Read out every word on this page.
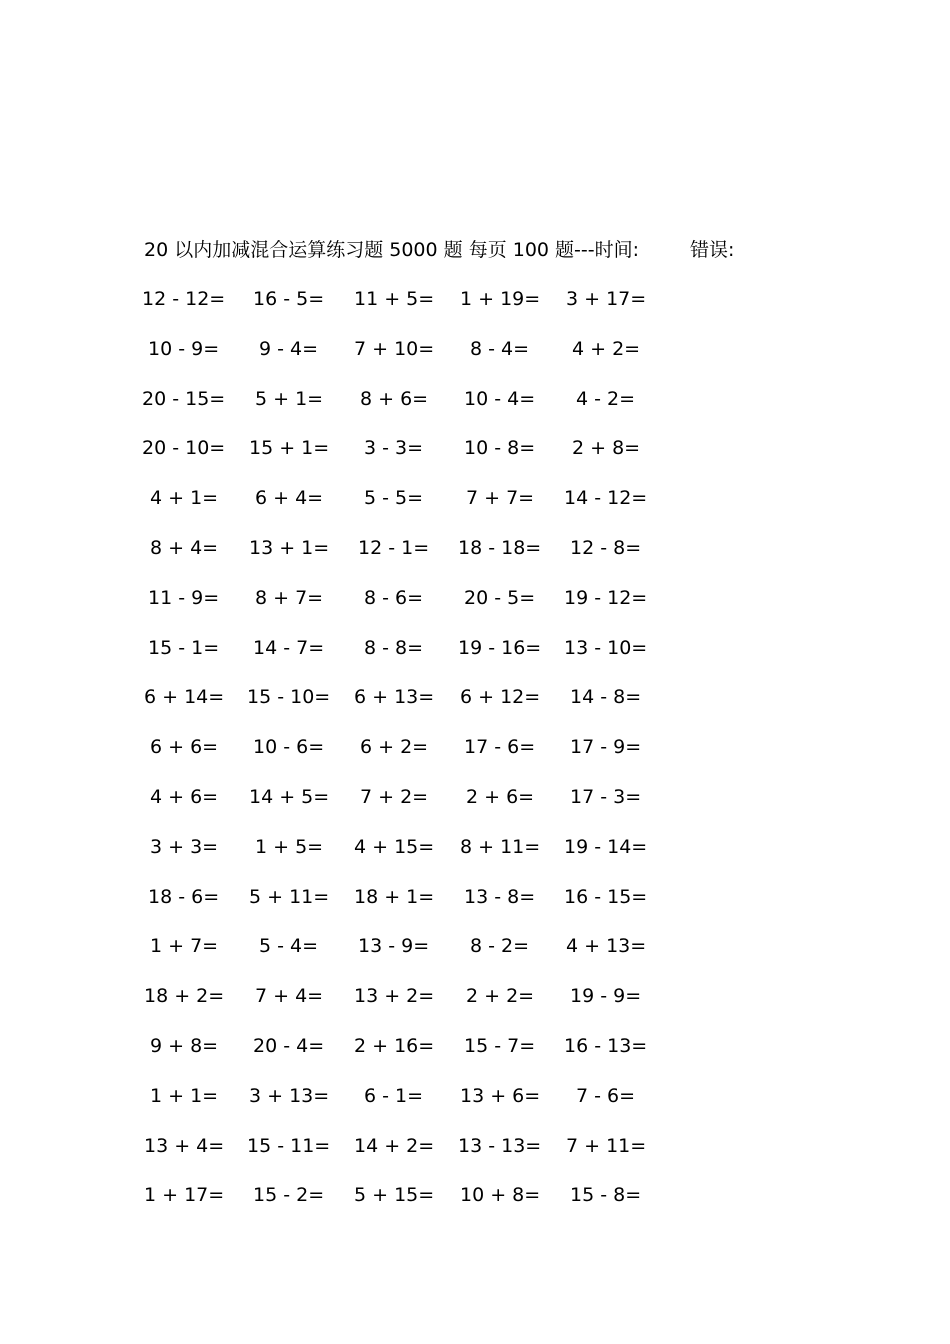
20 以内加减混合运算练习题 5000 题 每页 100 题---时间:	错误:
12 - 12= 16 - 5= 11 + 5= 1 + 19= 3 + 17=
10 - 9= 9 - 4= 7 + 10= 8 - 4= 4 + 2=
20 - 15= 5 + 1= 8 + 6= 10 - 4= 4 - 2=
20 - 10= 15 + 1= 3 - 3= 10 - 8= 2 + 8=
4 + 1= 6 + 4= 5 - 5= 7 + 7= 14 - 12=
8 + 4= 13 + 1= 12 - 1= 18 - 18= 12 - 8=
11 - 9= 8 + 7= 8 - 6= 20 - 5= 19 - 12=
15 - 1= 14 - 7= 8 - 8= 19 - 16= 13 - 10=
6 + 14= 15 - 10= 6 + 13= 6 + 12= 14 - 8=
6 + 6= 10 - 6= 6 + 2= 17 - 6= 17 - 9=
4 + 6= 14 + 5= 7 + 2= 2 + 6= 17 - 3=
3 + 3= 1 + 5= 4 + 15= 8 + 11= 19 - 14=
18 - 6= 5 + 11= 18 + 1= 13 - 8= 16 - 15=
1 + 7= 5 - 4= 13 - 9= 8 - 2= 4 + 13=
18 + 2= 7 + 4= 13 + 2= 2 + 2= 19 - 9=
9 + 8= 20 - 4= 2 + 16= 15 - 7= 16 - 13=
1 + 1= 3 + 13= 6 - 1= 13 + 6= 7 - 6=
13 + 4= 15 - 11= 14 + 2= 13 - 13= 7 + 11=
1 + 17= 15 - 2= 5 + 15= 10 + 8= 15 - 8=
